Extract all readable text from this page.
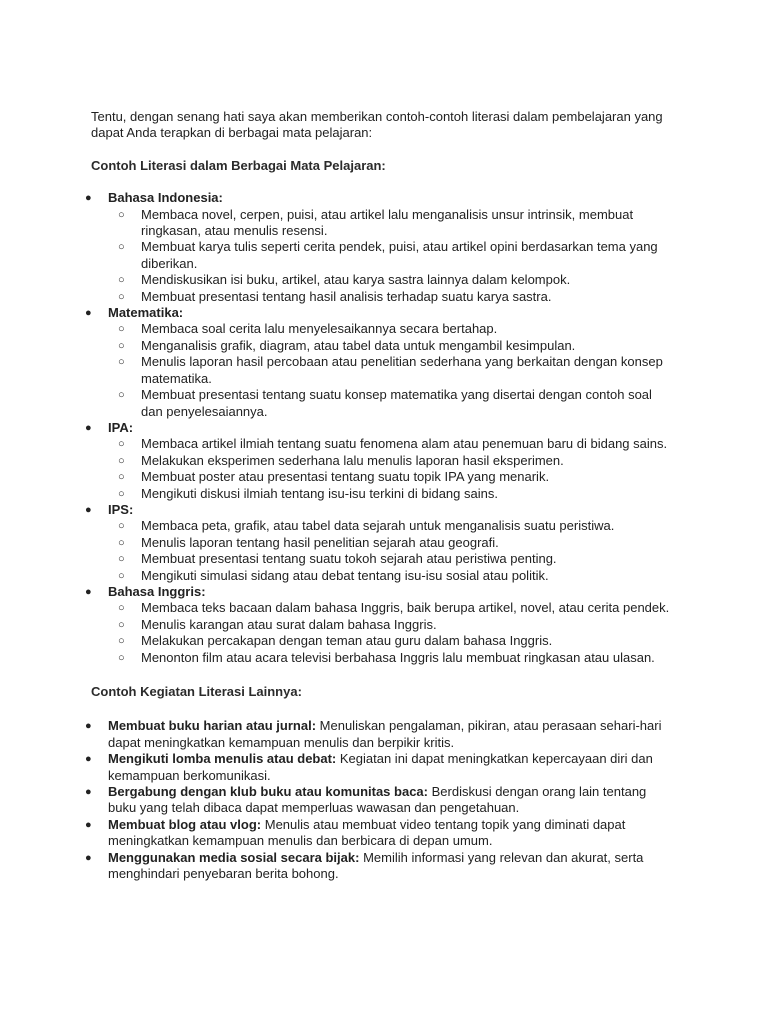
Tentu, dengan senang hati saya akan memberikan contoh-contoh literasi dalam pembelajaran yang dapat Anda terapkan di berbagai mata pelajaran:

Contoh Literasi dalam Berbagai Mata Pelajaran:

● Bahasa Indonesia:
○	Membaca novel, cerpen, puisi, atau artikel lalu menganalisis unsur intrinsik, membuat ringkasan, atau menulis resensi.
○	Membuat karya tulis seperti cerita pendek, puisi, atau artikel opini berdasarkan tema yang diberikan.
○	Mendiskusikan isi buku, artikel, atau karya sastra lainnya dalam kelompok.
○	Membuat presentasi tentang hasil analisis terhadap suatu karya sastra.
● Matematika:
○	Membaca soal cerita lalu menyelesaikannya secara bertahap.
○	Menganalisis grafik, diagram, atau tabel data untuk mengambil kesimpulan.
○	Menulis laporan hasil percobaan atau penelitian sederhana yang berkaitan dengan konsep matematika.
○	Membuat presentasi tentang suatu konsep matematika yang disertai dengan contoh soal dan penyelesaiannya.
● IPA:
○	Membaca artikel ilmiah tentang suatu fenomena alam atau penemuan baru di bidang sains.
○	Melakukan eksperimen sederhana lalu menulis laporan hasil eksperimen.
○	Membuat poster atau presentasi tentang suatu topik IPA yang menarik.
○	Mengikuti diskusi ilmiah tentang isu-isu terkini di bidang sains.
● IPS:
○	Membaca peta, grafik, atau tabel data sejarah untuk menganalisis suatu peristiwa.
○	Menulis laporan tentang hasil penelitian sejarah atau geografi.
○	Membuat presentasi tentang suatu tokoh sejarah atau peristiwa penting.
○	Mengikuti simulasi sidang atau debat tentang isu-isu sosial atau politik.
● Bahasa Inggris:
○	Membaca teks bacaan dalam bahasa Inggris, baik berupa artikel, novel, atau cerita pendek.
○	Menulis karangan atau surat dalam bahasa Inggris.
○	Melakukan percakapan dengan teman atau guru dalam bahasa Inggris.
○	Menonton film atau acara televisi berbahasa Inggris lalu membuat ringkasan atau ulasan.

Contoh Kegiatan Literasi Lainnya:

● Membuat buku harian atau jurnal: Menuliskan pengalaman, pikiran, atau perasaan sehari-hari dapat meningkatkan kemampuan menulis dan berpikir kritis.
● Mengikuti lomba menulis atau debat: Kegiatan ini dapat meningkatkan kepercayaan diri dan kemampuan berkomunikasi.
● Bergabung dengan klub buku atau komunitas baca: Berdiskusi dengan orang lain tentang buku yang telah dibaca dapat memperluas wawasan dan pengetahuan.
● Membuat blog atau vlog: Menulis atau membuat video tentang topik yang diminati dapat meningkatkan kemampuan menulis dan berbicara di depan umum.
● Menggunakan media sosial secara bijak: Memilih informasi yang relevan dan akurat, serta menghindari penyebaran berita bohong.
